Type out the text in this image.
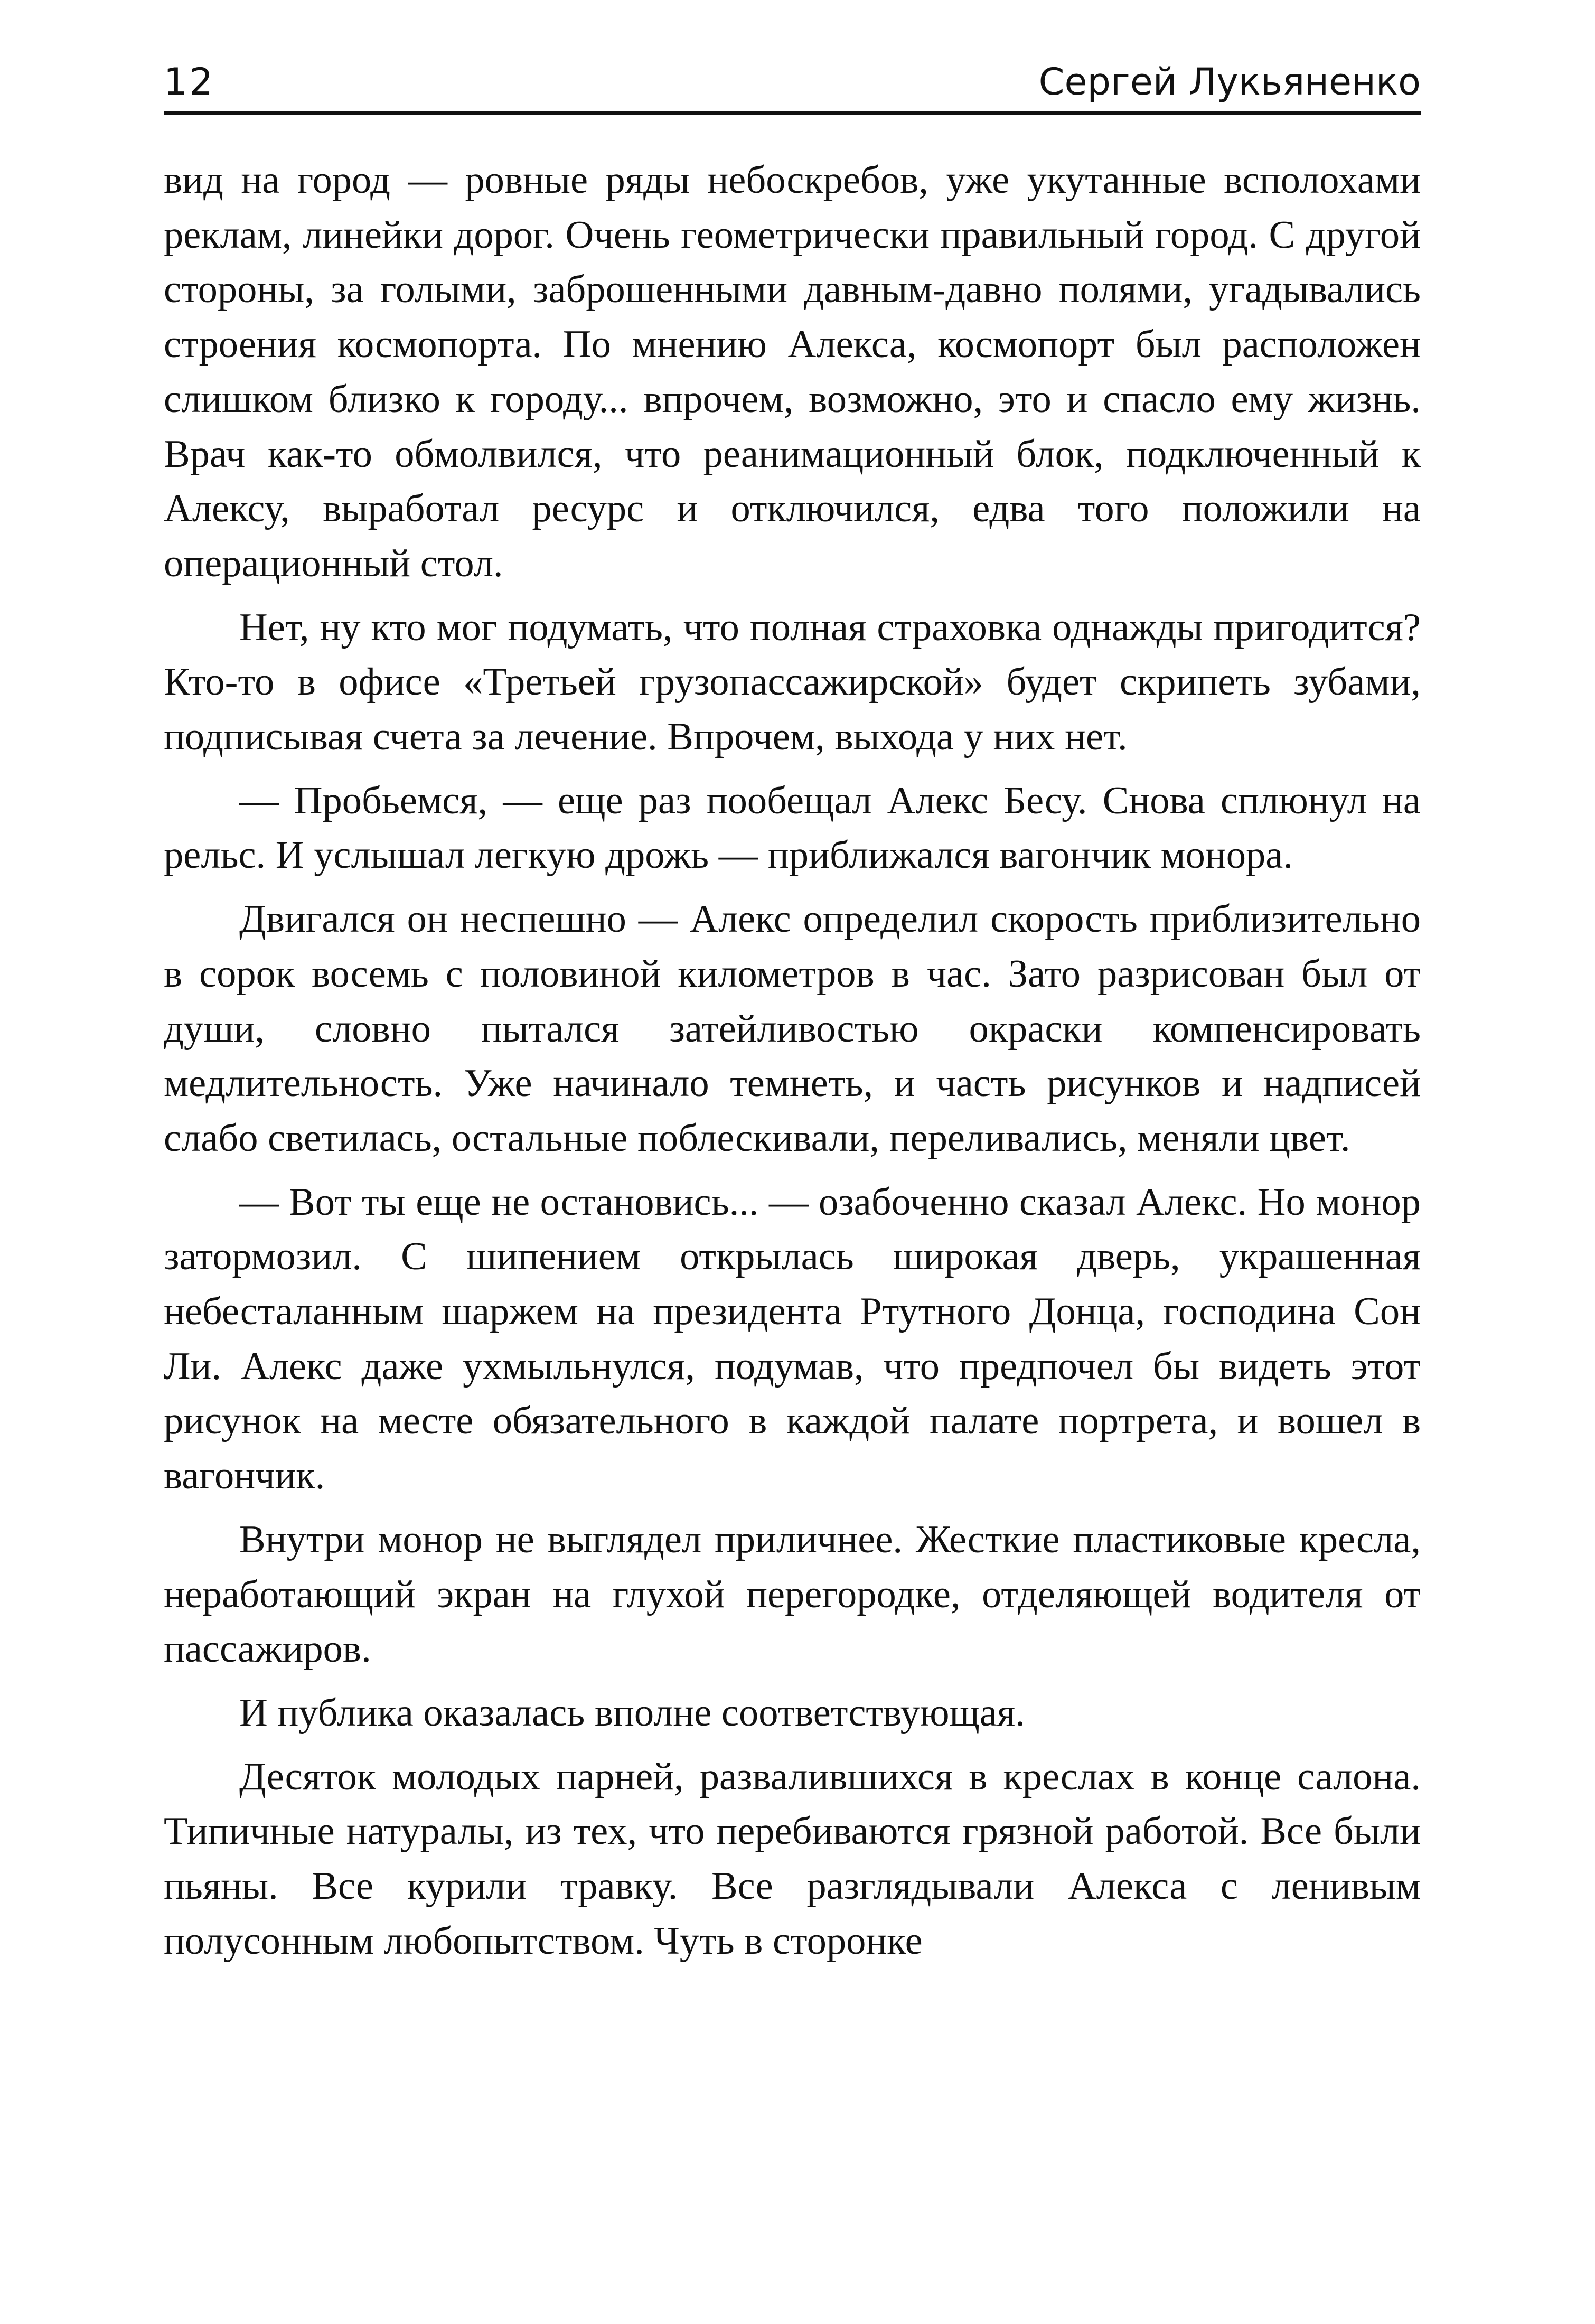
12	Сергей Лукьяненко

вид на город — ровные ряды небоскребов, уже укутанные всполохами реклам, линейки дорог. Очень геометрически правильный город. С другой стороны, за голыми, заброшенными давным-давно полями, угадывались строения космопорта. По мнению Алекса, космопорт был расположен слишком близко к городу... впрочем, возможно, это и спасло ему жизнь. Врач как-то обмолвился, что реанимационный блок, подключенный к Алексу, выработал ресурс и отключился, едва того положили на операционный стол.

Нет, ну кто мог подумать, что полная страховка однажды пригодится? Кто-то в офисе «Третьей грузопассажирской» будет скрипеть зубами, подписывая счета за лечение. Впрочем, выхода у них нет.

— Пробьемся, — еще раз пообещал Алекс Бесу. Снова сплюнул на рельс. И услышал легкую дрожь — приближался вагончик монора.

Двигался он неспешно — Алекс определил скорость приблизительно в сорок восемь с половиной километров в час. Зато разрисован был от души, словно пытался затейливостью окраски компенсировать медлительность. Уже начинало темнеть, и часть рисунков и надписей слабо светилась, остальные поблескивали, переливались, меняли цвет.

— Вот ты еще не остановись... — озабоченно сказал Алекс. Но монор затормозил. С шипением открылась широкая дверь, украшенная небесталанным шаржем на президента Ртутного Донца, господина Сон Ли. Алекс даже ухмыльнулся, подумав, что предпочел бы видеть этот рисунок на месте обязательного в каждой палате портрета, и вошел в вагончик.

Внутри монор не выглядел приличнее. Жесткие пластиковые кресла, неработающий экран на глухой перегородке, отделяющей водителя от пассажиров.

И публика оказалась вполне соответствующая.

Десяток молодых парней, развалившихся в креслах в конце салона. Типичные натуралы, из тех, что перебиваются грязной работой. Все были пьяны. Все курили травку. Все разглядывали Алекса с ленивым полусонным любопытством. Чуть в сторонке
